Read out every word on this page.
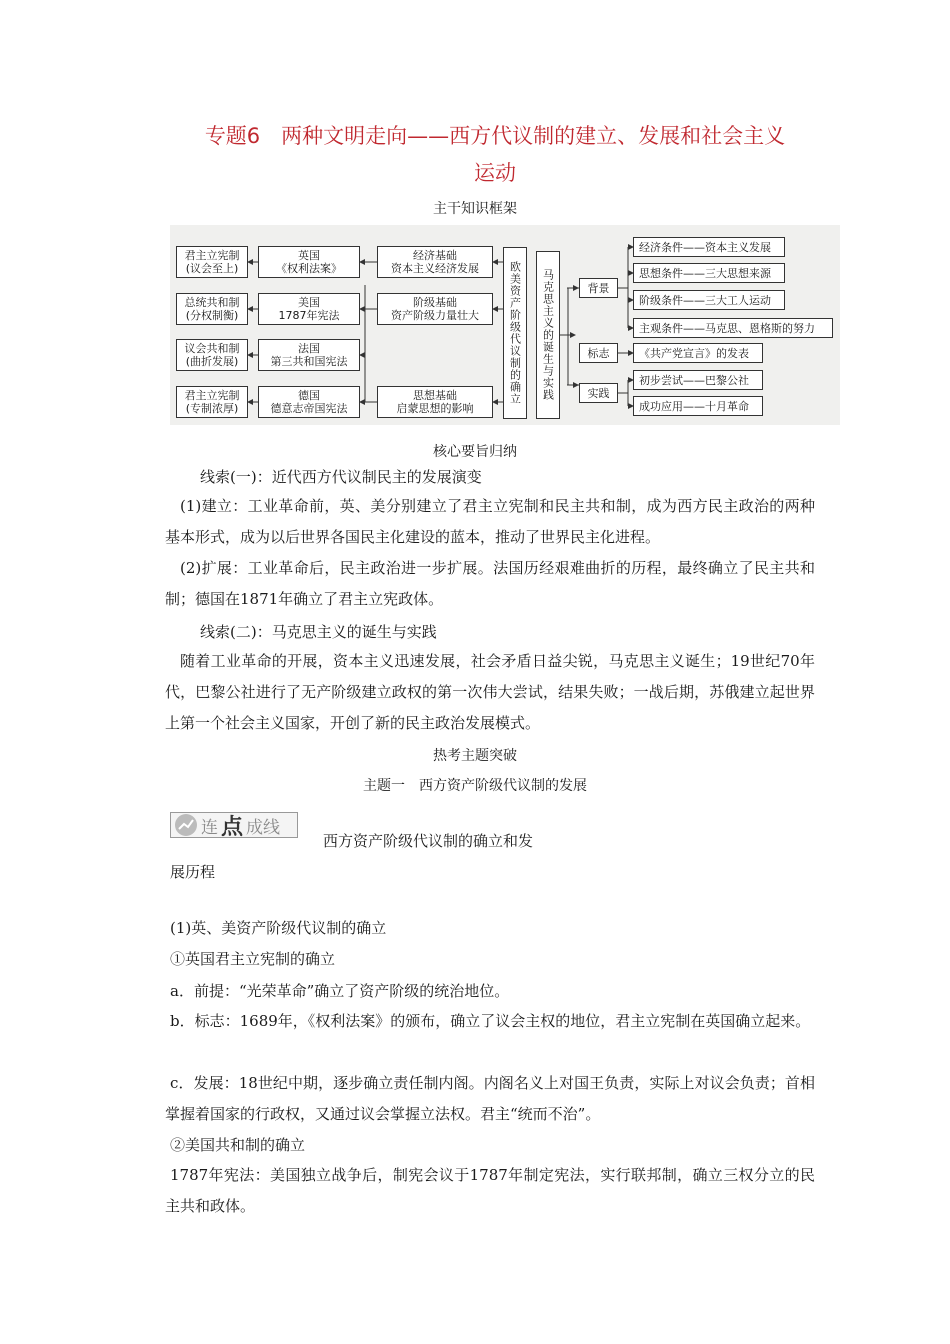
专题6　两种文明走向——西方代议制的建立、发展和社会主义
运动
主干知识框架
君主立宪制
(议会至上)
总统共和制
(分权制衡)
议会共和制
(曲折发展)
君主立宪制
(专制浓厚)
英国
《权利法案》
美国
1787年宪法
法国
第三共和国宪法
德国
德意志帝国宪法
经济基础
资本主义经济发展
阶级基础
资产阶级力量壮大
思想基础
启蒙思想的影响
欧美资产阶级代议制的确立	马克思主义的诞生与实践	背景
标志
实践
经济条件——资本主义发展
思想条件——三大思想来源
阶级条件——三大工人运动
主观条件——马克思、恩格斯的努力
《共产党宣言》的发表
初步尝试——巴黎公社
成功应用——十月革命
核心要旨归纳
线索(一)：近代西方代议制民主的发展演变
(1)建立：工业革命前，英、美分别建立了君主立宪制和民主共和制，成为西方民主政治的两种基本形式，成为以后世界各国民主化建设的蓝本，推动了世界民主化进程。
(2)扩展：工业革命后，民主政治进一步扩展。法国历经艰难曲折的历程，最终确立了民主共和制；德国在1871年确立了君主立宪政体。
线索(二)：马克思主义的诞生与实践
随着工业革命的开展，资本主义迅速发展，社会矛盾日益尖锐，马克思主义诞生；19世纪70年代，巴黎公社进行了无产阶级建立政权的第一次伟大尝试，结果失败；一战后期，苏俄建立起世界上第一个社会主义国家，开创了新的民主政治发展模式。
热考主题突破
主题一　西方资产阶级代议制的发展
连 点 成线
西方资产阶级代议制的确立和发
展历程
(1)英、美资产阶级代议制的确立
①英国君主立宪制的确立
a．前提：“光荣革命”确立了资产阶级的统治地位。
b．标志：1689年，《权利法案》的颁布，确立了议会主权的地位，君主立宪制在英国确立起来。
c．发展：18世纪中期，逐步确立责任制内阁。内阁名义上对国王负责，实际上对议会负责；首相掌握着国家的行政权，又通过议会掌握立法权。君主“统而不治”。
②美国共和制的确立
1787年宪法：美国独立战争后，制宪会议于1787年制定宪法，实行联邦制，确立三权分立的民主共和政体。
